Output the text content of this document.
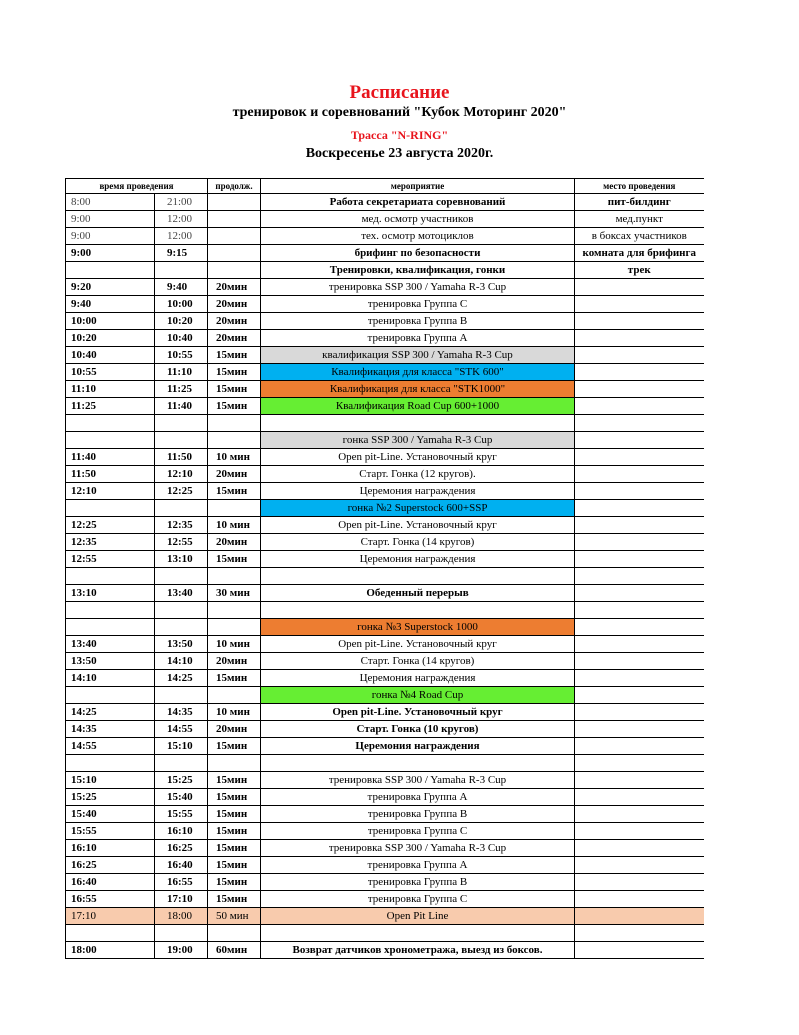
Расписание
тренировок и соревнований "Кубок Моторинг 2020"
Трасса "N-RING"
Воскресенье 23 августа 2020г.
время проведения		продолж.	мероприятие	место проведения
8:00	21:00		Работа секретариата соревнований	пит-билдинг
9:00	12:00		мед. осмотр участников	мед.пункт
9:00	12:00		тех. осмотр мотоциклов	в боксах участников
9:00	9:15		брифинг по безопасности	комната для брифинга
			Тренировки, квалификация, гонки	трек
9:20	9:40	20мин	тренировка SSP 300 / Yamaha R-3 Cup	
9:40	10:00	20мин	тренировка Группа С	
10:00	10:20	20мин	тренировка Группа В	
10:20	10:40	20мин	тренировка Группа А	
10:40	10:55	15мин	квалификация SSP 300 / Yamaha R-3 Cup	
10:55	11:10	15мин	Квалификация для класса "STK 600"	
11:10	11:25	15мин	Квалификация для класса "STK1000"	
11:25	11:40	15мин	Квалификация Road Cup 600+1000	

			гонка SSP 300 / Yamaha R-3 Cup	
11:40	11:50	10 мин	Open pit-Line. Установочный круг	
11:50	12:10	20мин	Старт. Гонка (12 кругов).	
12:10	12:25	15мин	Церемония награждения	
			гонка №2 Superstock 600+SSP	
12:25	12:35	10 мин	Open pit-Line. Установочный круг	
12:35	12:55	20мин	Старт. Гонка (14 кругов)	
12:55	13:10	15мин	Церемония награждения	

13:10	13:40	30 мин	Обеденный перерыв	

			гонка №3 Superstock 1000	
13:40	13:50	10 мин	Open pit-Line. Установочный круг	
13:50	14:10	20мин	Старт. Гонка (14 кругов)	
14:10	14:25	15мин	Церемония награждения	
			гонка №4 Road Cup	
14:25	14:35	10 мин	Open pit-Line. Установочный круг	
14:35	14:55	20мин	Старт. Гонка (10 кругов)	
14:55	15:10	15мин	Церемония награждения	

15:10	15:25	15мин	тренировка SSP 300 / Yamaha R-3 Cup	
15:25	15:40	15мин	тренировка Группа А	
15:40	15:55	15мин	тренировка Группа В	
15:55	16:10	15мин	тренировка Группа С	
16:10	16:25	15мин	тренировка SSP 300 / Yamaha R-3 Cup	
16:25	16:40	15мин	тренировка Группа А	
16:40	16:55	15мин	тренировка Группа В	
16:55	17:10	15мин	тренировка Группа С	
17:10	18:00	50 мин	Open Pit Line	

18:00	19:00	60мин	Возврат датчиков хронометража, выезд из боксов.	
